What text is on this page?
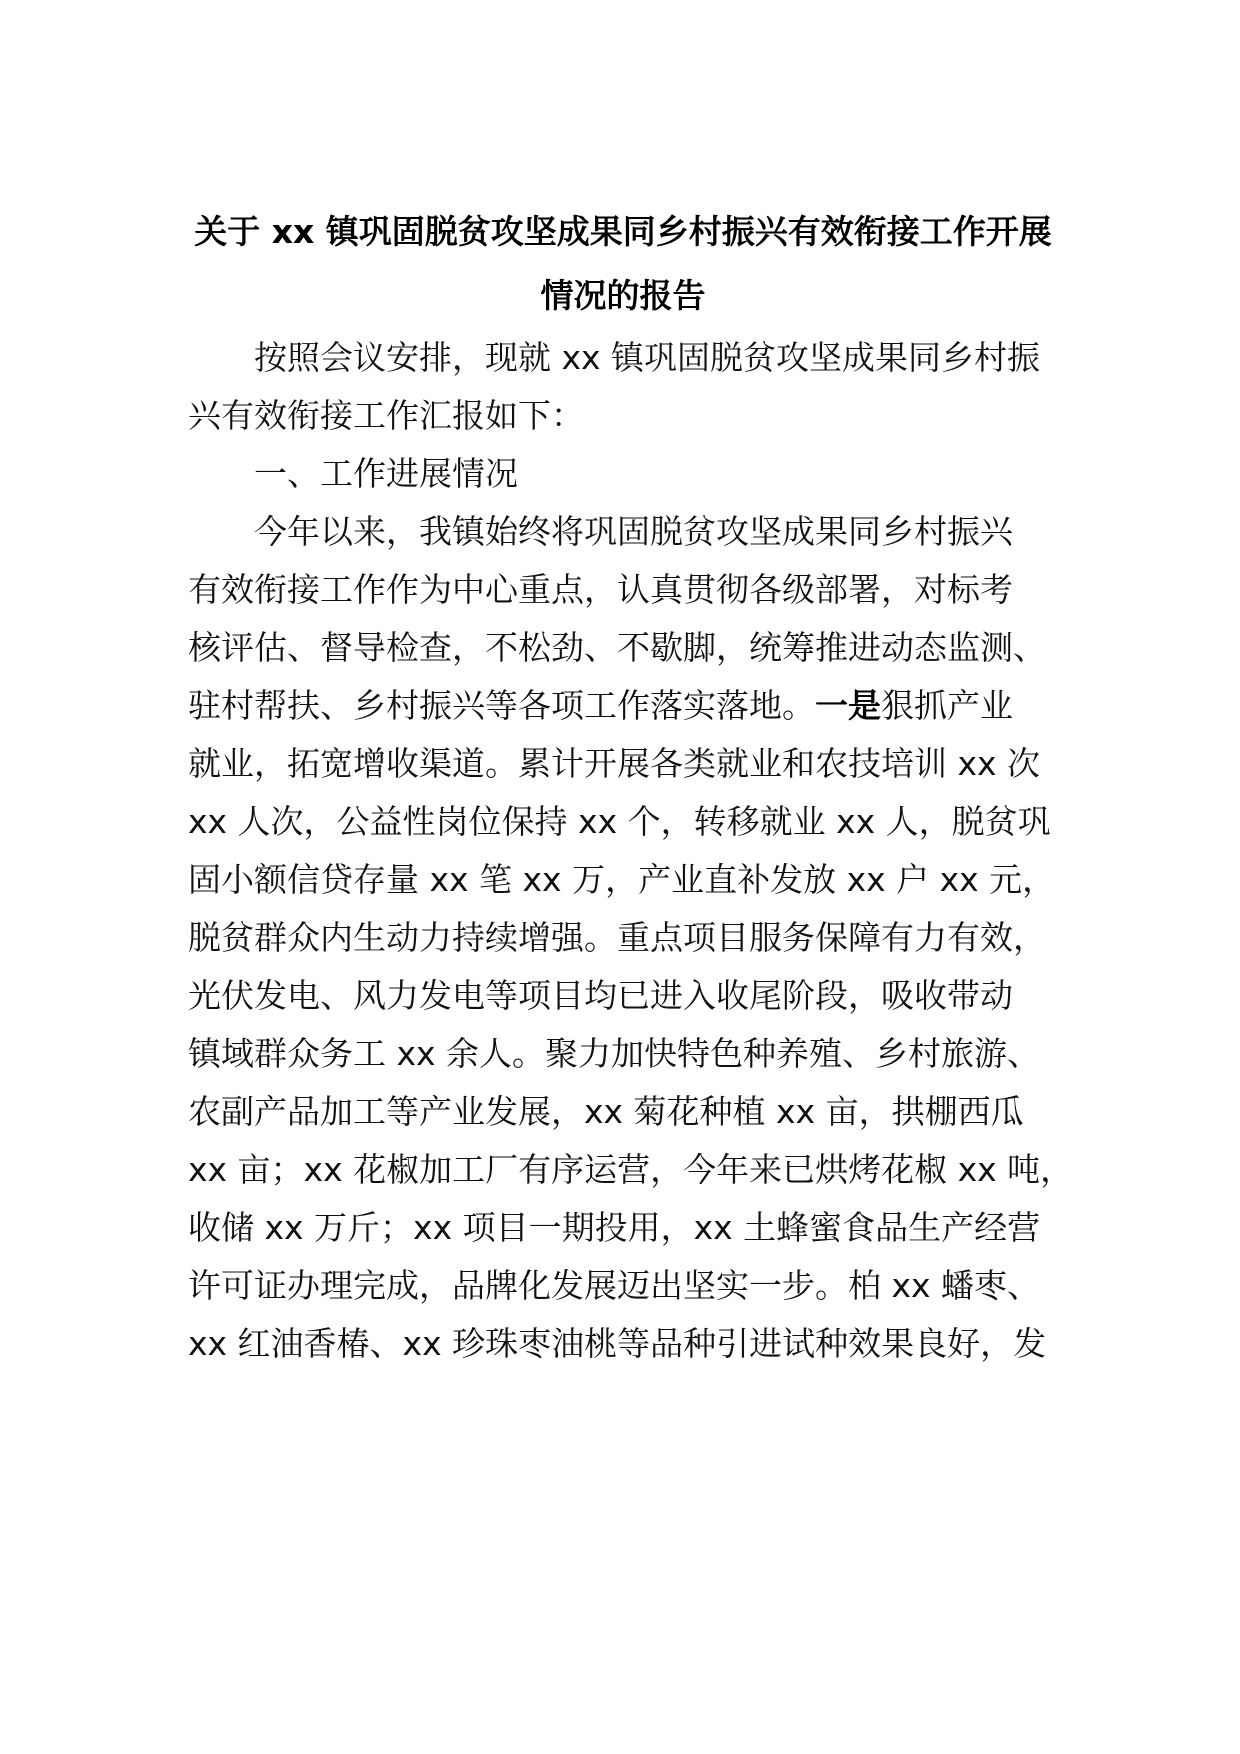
关于 xx 镇巩固脱贫攻坚成果同乡村振兴有效衔接工作开展
情况的报告
按照会议安排，现就 xx 镇巩固脱贫攻坚成果同乡村振
兴有效衔接工作汇报如下：
一、工作进展情况
今年以来，我镇始终将巩固脱贫攻坚成果同乡村振兴
有效衔接工作作为中心重点，认真贯彻各级部署，对标考
核评估、督导检查，不松劲、不歇脚，统筹推进动态监测、
驻村帮扶、乡村振兴等各项工作落实落地。一是狠抓产业
就业，拓宽增收渠道。累计开展各类就业和农技培训 xx 次
xx 人次，公益性岗位保持 xx 个，转移就业 xx 人，脱贫巩
固小额信贷存量 xx 笔 xx 万，产业直补发放 xx 户 xx 元，
脱贫群众内生动力持续增强。重点项目服务保障有力有效，
光伏发电、风力发电等项目均已进入收尾阶段，吸收带动
镇域群众务工 xx 余人。聚力加快特色种养殖、乡村旅游、
农副产品加工等产业发展，xx 菊花种植 xx 亩，拱棚西瓜
xx 亩；xx 花椒加工厂有序运营，今年来已烘烤花椒 xx 吨，
收储 xx 万斤；xx 项目一期投用，xx 土蜂蜜食品生产经营
许可证办理完成，品牌化发展迈出坚实一步。柏 xx 蟠枣、
xx 红油香椿、xx 珍珠枣油桃等品种引进试种效果良好，发
